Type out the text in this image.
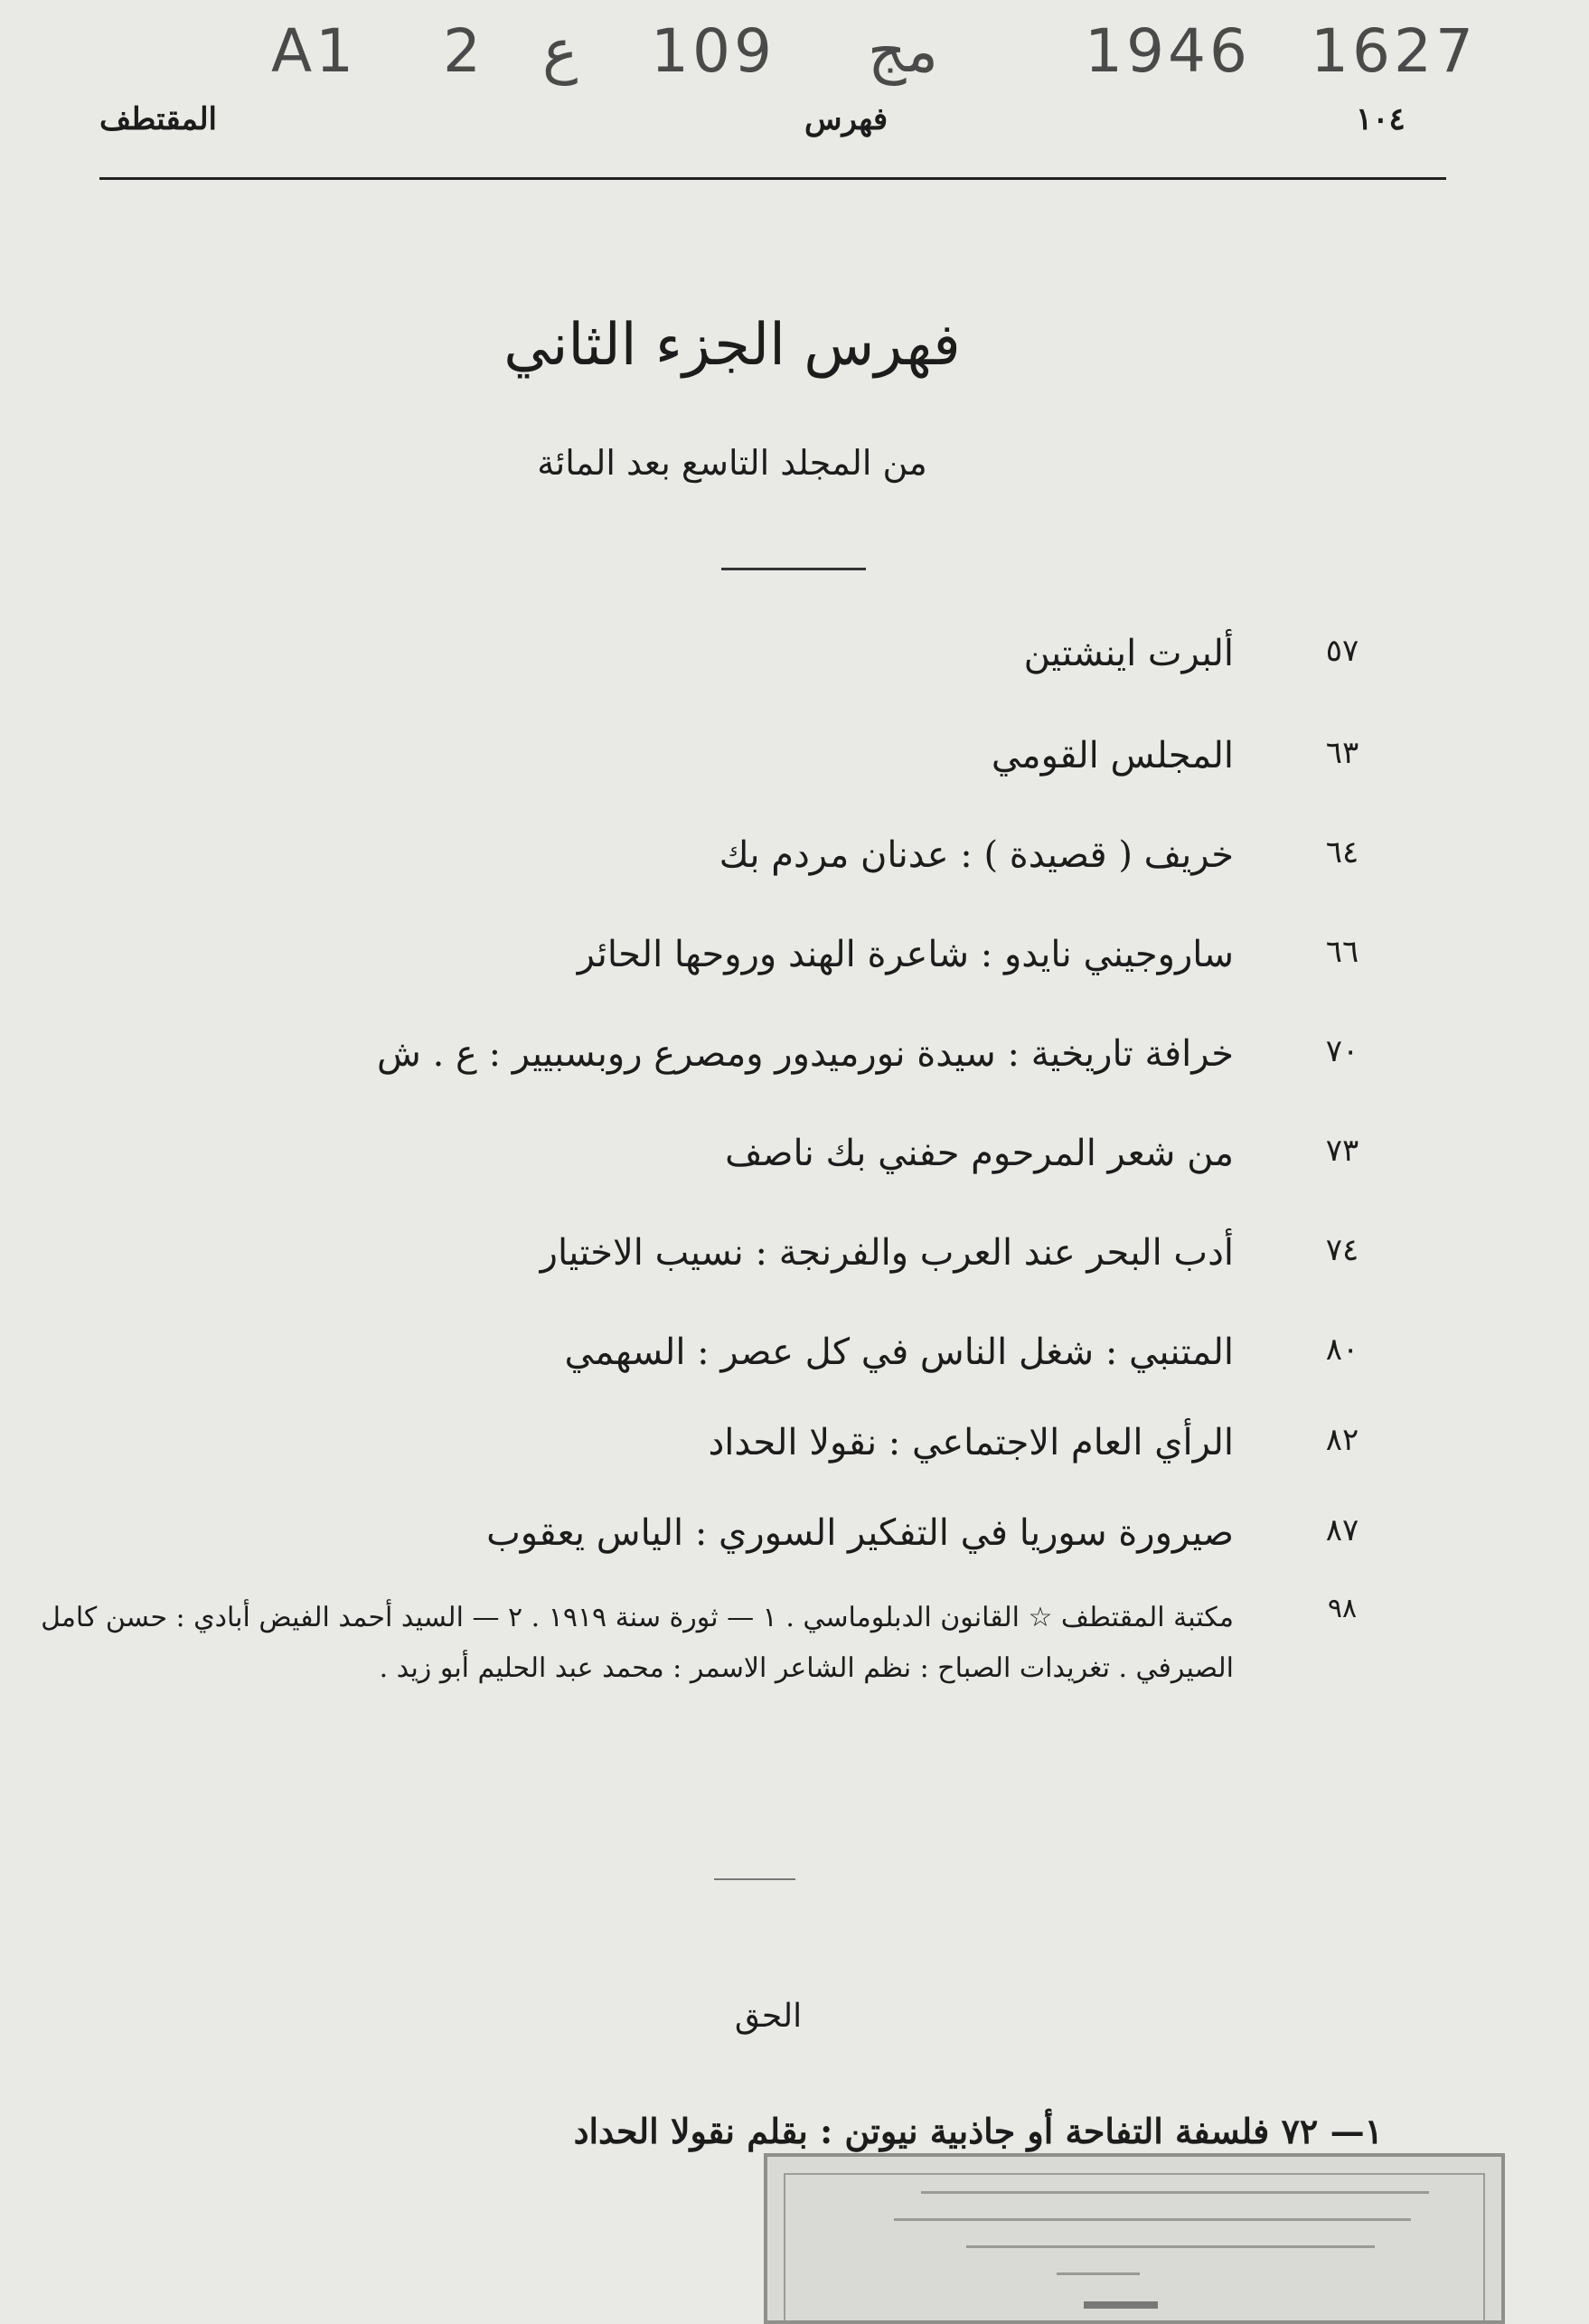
A1 2 ع 109 مج 1946 1627
١٠٤
فهرس
المقتطف
فهرس الجزء الثاني
من المجلد التاسع بعد المائة
٥٧
ألبرت اينشتين
٦٣
المجلس القومي
٦٤
خريف ( قصيدة ) : عدنان مردم بك
٦٦
ساروجيني نايدو : شاعرة الهند وروحها الحائر
٧٠
خرافة تاريخية : سيدة نورميدور ومصرع روبسبيير : ع . ش
٧٣
من شعر المرحوم حفني بك ناصف
٧٤
أدب البحر عند العرب والفرنجة : نسيب الاختيار
٨٠
المتنبي : شغل الناس في كل عصر : السهمي
٨٢
الرأي العام الاجتماعي : نقولا الحداد
٨٧
صيرورة سوريا في التفكير السوري : الياس يعقوب
٩٨
مكتبة المقتطف ☆ القانون الدبلوماسي . ١ — ثورة سنة ١٩١٩ . ٢ — السيد أحمد الفيض أبادي : حسن كامل الصيرفي . تغريدات الصباح : نظم الشاعر الاسمر : محمد عبد الحليم أبو زيد .
الحق
١— ٧٢ فلسفة التفاحة أو جاذبية نيوتن : بقلم نقولا الحداد
